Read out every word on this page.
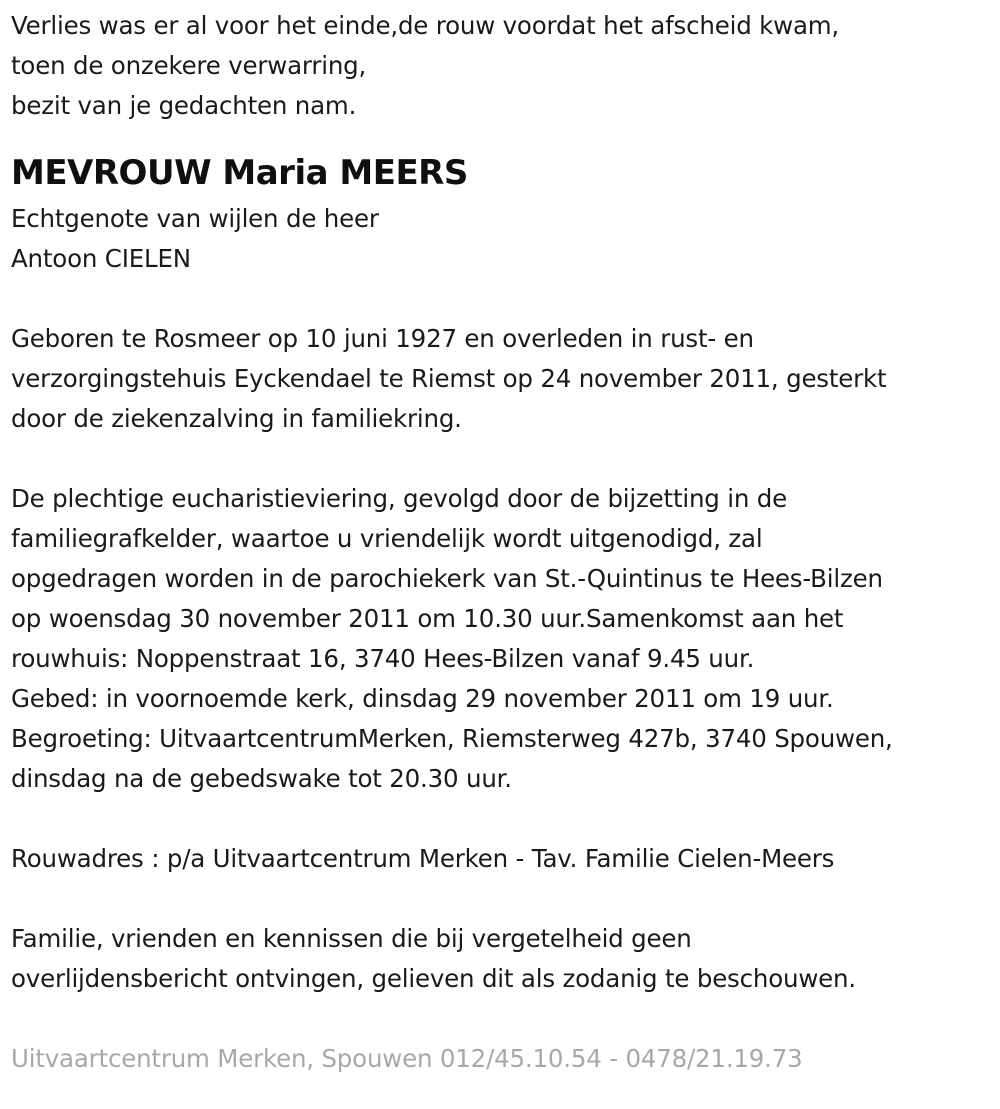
Verlies was er al voor het einde,de rouw voordat het afscheid kwam,
toen de onzekere verwarring,
bezit van je gedachten nam.
MEVROUW Maria MEERS
Echtgenote van wijlen de heer
Antoon CIELEN
Geboren te Rosmeer op 10 juni 1927 en overleden in rust- en
verzorgingstehuis Eyckendael te Riemst op 24 november 2011, gesterkt
door de ziekenzalving in familiekring.
De plechtige eucharistieviering, gevolgd door de bijzetting in de
familiegrafkelder, waartoe u vriendelijk wordt uitgenodigd, zal
opgedragen worden in de parochiekerk van St.-Quintinus te Hees-Bilzen
op woensdag 30 november 2011 om 10.30 uur.Samenkomst aan het
rouwhuis: Noppenstraat 16, 3740 Hees-Bilzen vanaf 9.45 uur.
Gebed: in voornoemde kerk, dinsdag 29 november 2011 om 19 uur.
Begroeting: UitvaartcentrumMerken, Riemsterweg 427b, 3740 Spouwen,
dinsdag na de gebedswake tot 20.30 uur.
Rouwadres : p/a Uitvaartcentrum Merken - Tav. Familie Cielen-Meers
Familie, vrienden en kennissen die bij vergetelheid geen
overlijdensbericht ontvingen, gelieven dit als zodanig te beschouwen.
Uitvaartcentrum Merken, Spouwen 012/45.10.54 - 0478/21.19.73
